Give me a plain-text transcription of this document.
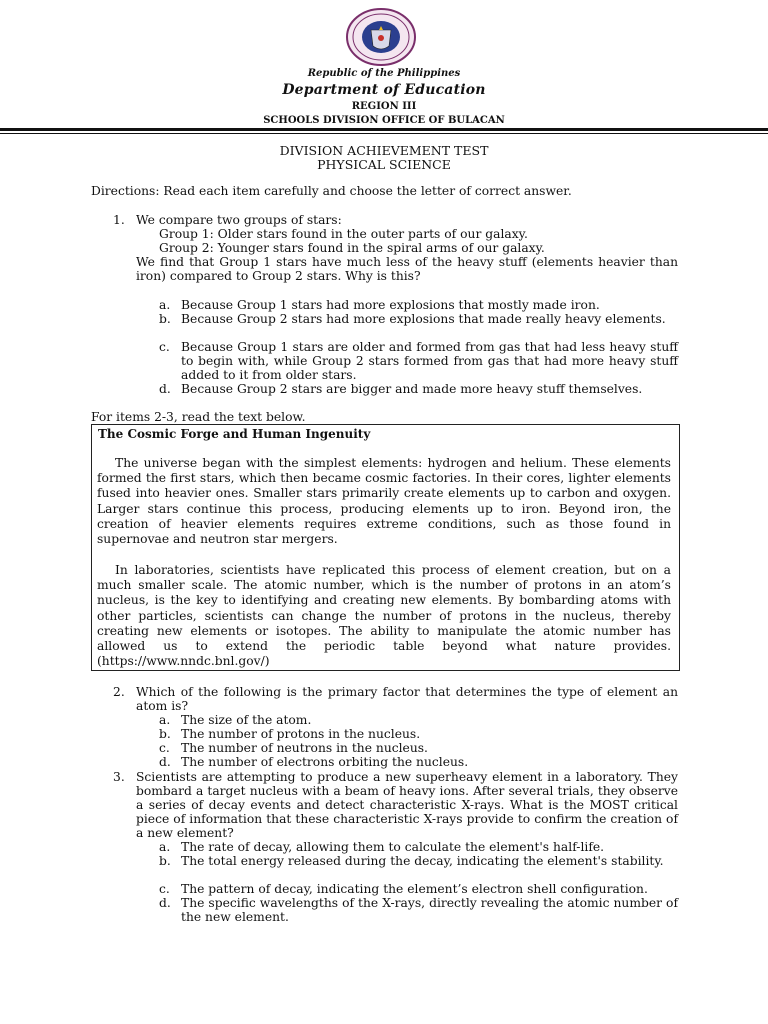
Republic of the Philippines
Department of Education
REGION III
SCHOOLS DIVISION OFFICE OF BULACAN
DIVISION ACHIEVEMENT TEST
PHYSICAL SCIENCE
Directions: Read each item carefully and choose the letter of correct answer.
1. We compare two groups of stars:
Group 1: Older stars found in the outer parts of our galaxy.
Group 2: Younger stars found in the spiral arms of our galaxy.
We find that Group 1 stars have much less of the heavy stuff (elements heavier than iron) compared to Group 2 stars. Why is this?
a. Because Group 1 stars had more explosions that mostly made iron.
b. Because Group 2 stars had more explosions that made really heavy elements.
c. Because Group 1 stars are older and formed from gas that had less heavy stuff to begin with, while Group 2 stars formed from gas that had more heavy stuff added to it from older stars.
d. Because Group 2 stars are bigger and made more heavy stuff themselves.
For items 2-3, read the text below.
The Cosmic Forge and Human Ingenuity
The universe began with the simplest elements: hydrogen and helium. These elements formed the first stars, which then became cosmic factories. In their cores, lighter elements fused into heavier ones. Smaller stars primarily create elements up to carbon and oxygen. Larger stars continue this process, producing elements up to iron. Beyond iron, the creation of heavier elements requires extreme conditions, such as those found in supernovae and neutron star mergers.
In laboratories, scientists have replicated this process of element creation, but on a much smaller scale. The atomic number, which is the number of protons in an atom’s nucleus, is the key to identifying and creating new elements. By bombarding atoms with other particles, scientists can change the number of protons in the nucleus, thereby creating new elements or isotopes. The ability to manipulate the atomic number has allowed us to extend the periodic table beyond what nature provides. (https://www.nndc.bnl.gov/)
2. Which of the following is the primary factor that determines the type of element an atom is?
a. The size of the atom.
b. The number of protons in the nucleus.
c. The number of neutrons in the nucleus.
d. The number of electrons orbiting the nucleus.
3. Scientists are attempting to produce a new superheavy element in a laboratory. They bombard a target nucleus with a beam of heavy ions. After several trials, they observe a series of decay events and detect characteristic X-rays. What is the MOST critical piece of information that these characteristic X-rays provide to confirm the creation of a new element?
a. The rate of decay, allowing them to calculate the element's half-life.
b. The total energy released during the decay, indicating the element's stability.
c. The pattern of decay, indicating the element’s electron shell configuration.
d. The specific wavelengths of the X-rays, directly revealing the atomic number of the new element.
